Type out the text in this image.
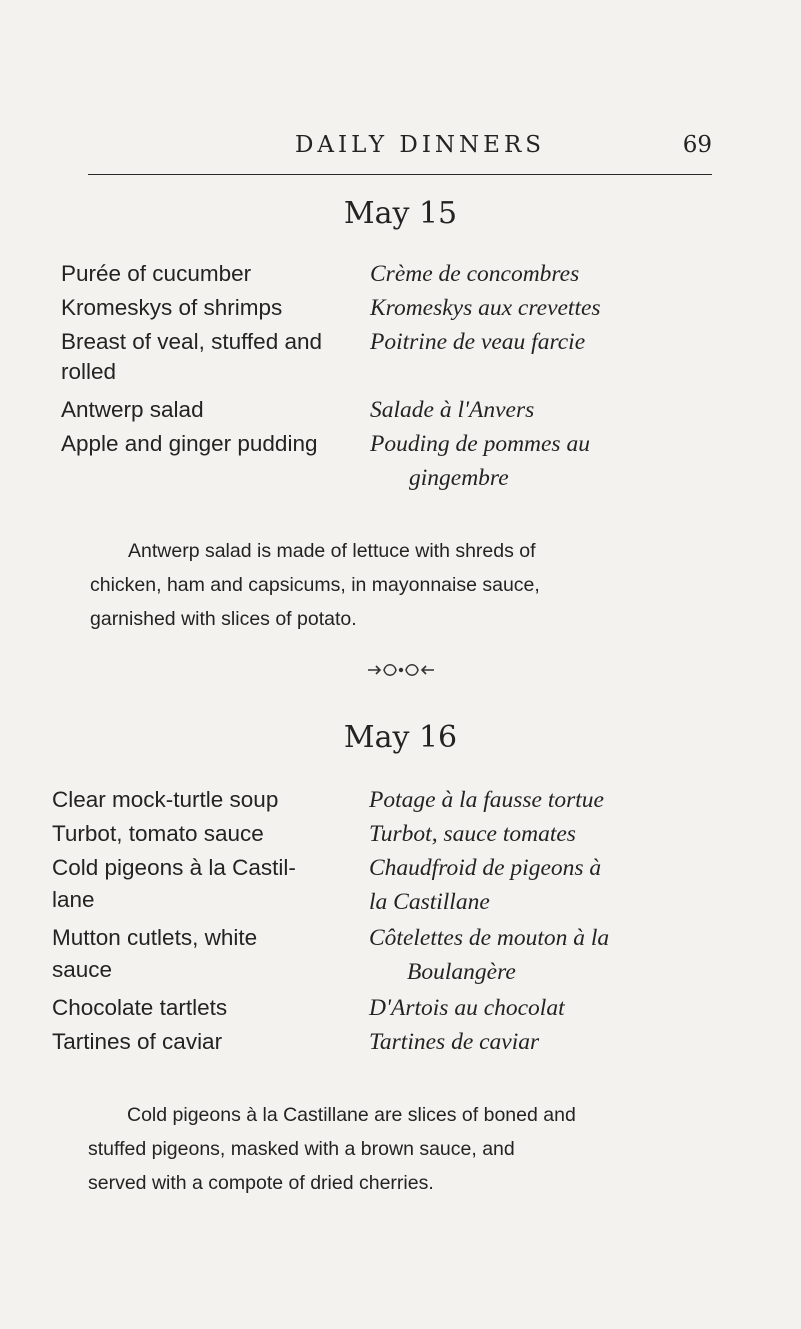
DAILY DINNERS	69
May 15
Purée of cucumber
Kromeskys of shrimps
Breast of veal, stuffed and
rolled
Antwerp salad
Apple and ginger pudding
Crème de concombres
Kromeskys aux crevettes
Poitrine de veau farcie
Salade à l'Anvers
Pouding de pommes au
gingembre
Antwerp salad is made of lettuce with shreds of
chicken, ham and capsicums, in mayonnaise sauce,
garnished with slices of potato.
May 16
Clear mock-turtle soup
Turbot, tomato sauce
Cold pigeons à la Castil-
lane
Mutton cutlets, white
sauce
Chocolate tartlets
Tartines of caviar
Potage à la fausse tortue
Turbot, sauce tomates
Chaudfroid de pigeons à
la Castillane
Côtelettes de mouton à la
Boulangère
D'Artois au chocolat
Tartines de caviar
Cold pigeons à la Castillane are slices of boned and
stuffed pigeons, masked with a brown sauce, and
served with a compote of dried cherries.
